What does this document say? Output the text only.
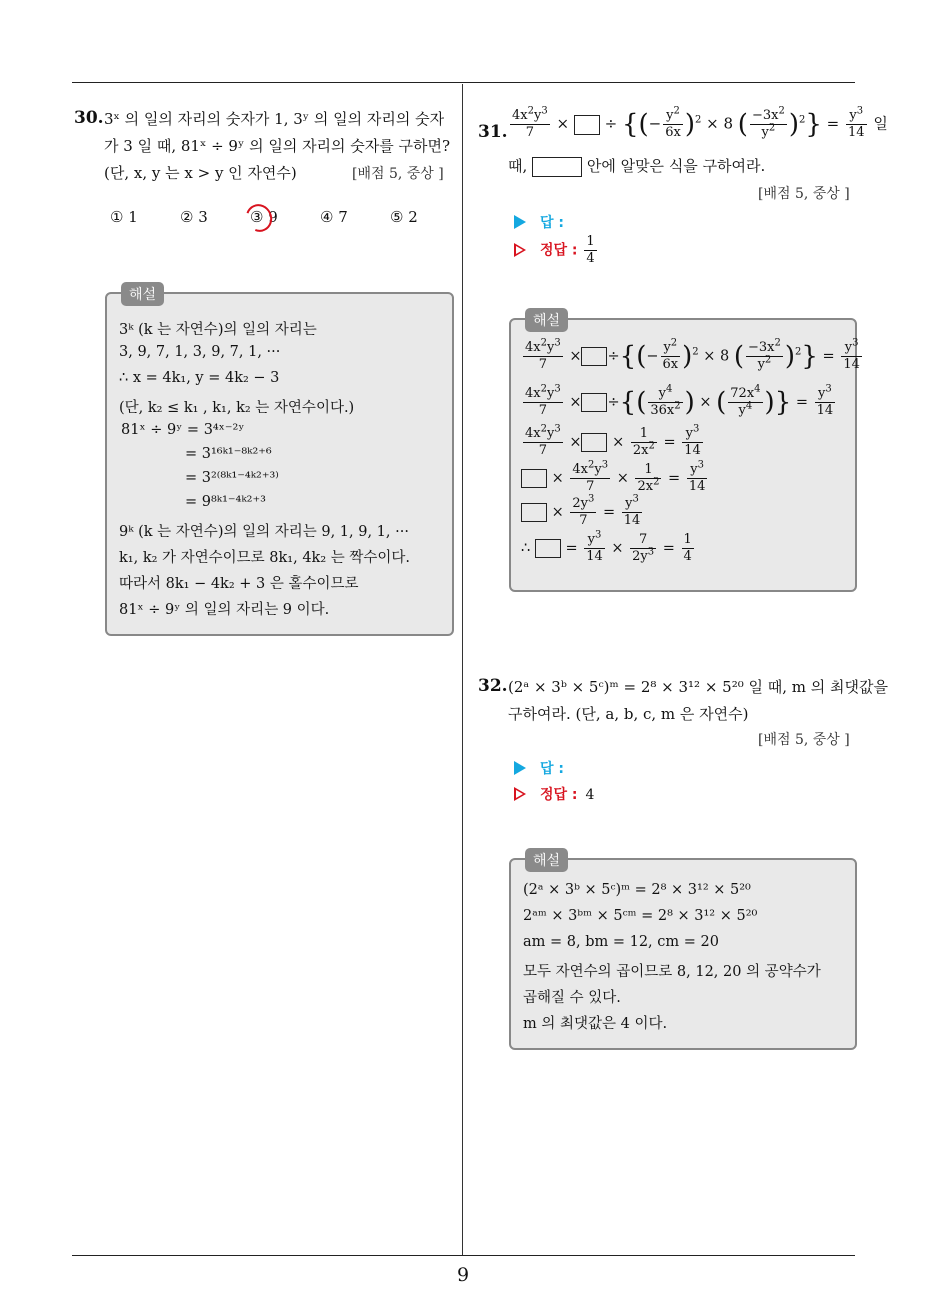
9
30. 3ˣ 의 일의 자리의 숫자가 1, 3ʸ 의 일의 자리의 숫자
가 3 일 때, 81ˣ ÷ 9ʸ 의 일의 자리의 숫자를 구하면?
(단, x, y 는 x > y 인 자연수)	[배점 5, 중상 ]
① 1	② 3	③ 9	④ 7	⑤ 2
해설
3ᵏ (k 는 자연수)의 일의 자리는
3, 9, 7, 1, 3, 9, 7, 1, ···
∴ x = 4k₁, y = 4k₂ − 3
(단, k₂ ≤ k₁ , k₁, k₂ 는 자연수이다.)
81ˣ ÷ 9ʸ = 3⁴ˣ⁻²ʸ
= 3¹⁶ᵏ¹⁻⁸ᵏ²⁺⁶
= 3²⁽⁸ᵏ¹⁻⁴ᵏ²⁺³⁾
= 9⁸ᵏ¹⁻⁴ᵏ²⁺³
9ᵏ (k 는 자연수)의 일의 자리는 9, 1, 9, 1, ···
k₁, k₂ 가 자연수이므로 8k₁, 4k₂ 는 짝수이다.
따라서 8k₁ − 4k₂ + 3 은 홀수이므로
81ˣ ÷ 9ʸ 의 일의 자리는 9 이다.
31. $\frac{4x^2y^3}{7}$ ×  ÷ {(− $\frac{y^2}{6x} )^2 \times 8$ ( $\frac{-3x^2}{y^2} )^2\} = \frac{y^3}{14}$ 일
때,	안에 알맞은 식을 구하여라.
[배점 5, 중상 ]
답 :
정답 : $\frac{1}{4}$
해설
$\frac{4x^2y^3}{7}$ × ÷{(− $\frac{y^2}{6x} )^2 \times 8$ ( $\frac{-3x^2}{y^2} )^2\} = \frac{y^3}{14}$
$\frac{4x^2y^3}{7}$ × ÷{( $\frac{y^4}{36x^2}$ ) × ( $\frac{72x^4}{y^4}$ )} = $\frac{y^3}{14}$
$\frac{4x^2y^3}{7}$ × × $\frac{1}{2x^2} = \frac{y^3}{14}$
× $\frac{4x^2y^3}{7} \times \frac{1}{2x^2} = \frac{y^3}{14}$
× $\frac{2y^3}{7} = \frac{y^3}{14}$
∴  = $\frac{y^3}{14} \times \frac{7}{2y^3} = \frac{1}{4}$
32. (2ᵃ × 3ᵇ × 5ᶜ)ᵐ = 2⁸ × 3¹² × 5²⁰ 일 때, m 의 최댓값을
구하여라. (단, a, b, c, m 은 자연수)
[배점 5, 중상 ]
답 :
정답 : 4
해설
(2ᵃ × 3ᵇ × 5ᶜ)ᵐ = 2⁸ × 3¹² × 5²⁰
2ᵃᵐ × 3ᵇᵐ × 5ᶜᵐ = 2⁸ × 3¹² × 5²⁰
am = 8, bm = 12, cm = 20
모두 자연수의 곱이므로 8, 12, 20 의 공약수가
곱해질 수 있다.
m 의 최댓값은 4 이다.
